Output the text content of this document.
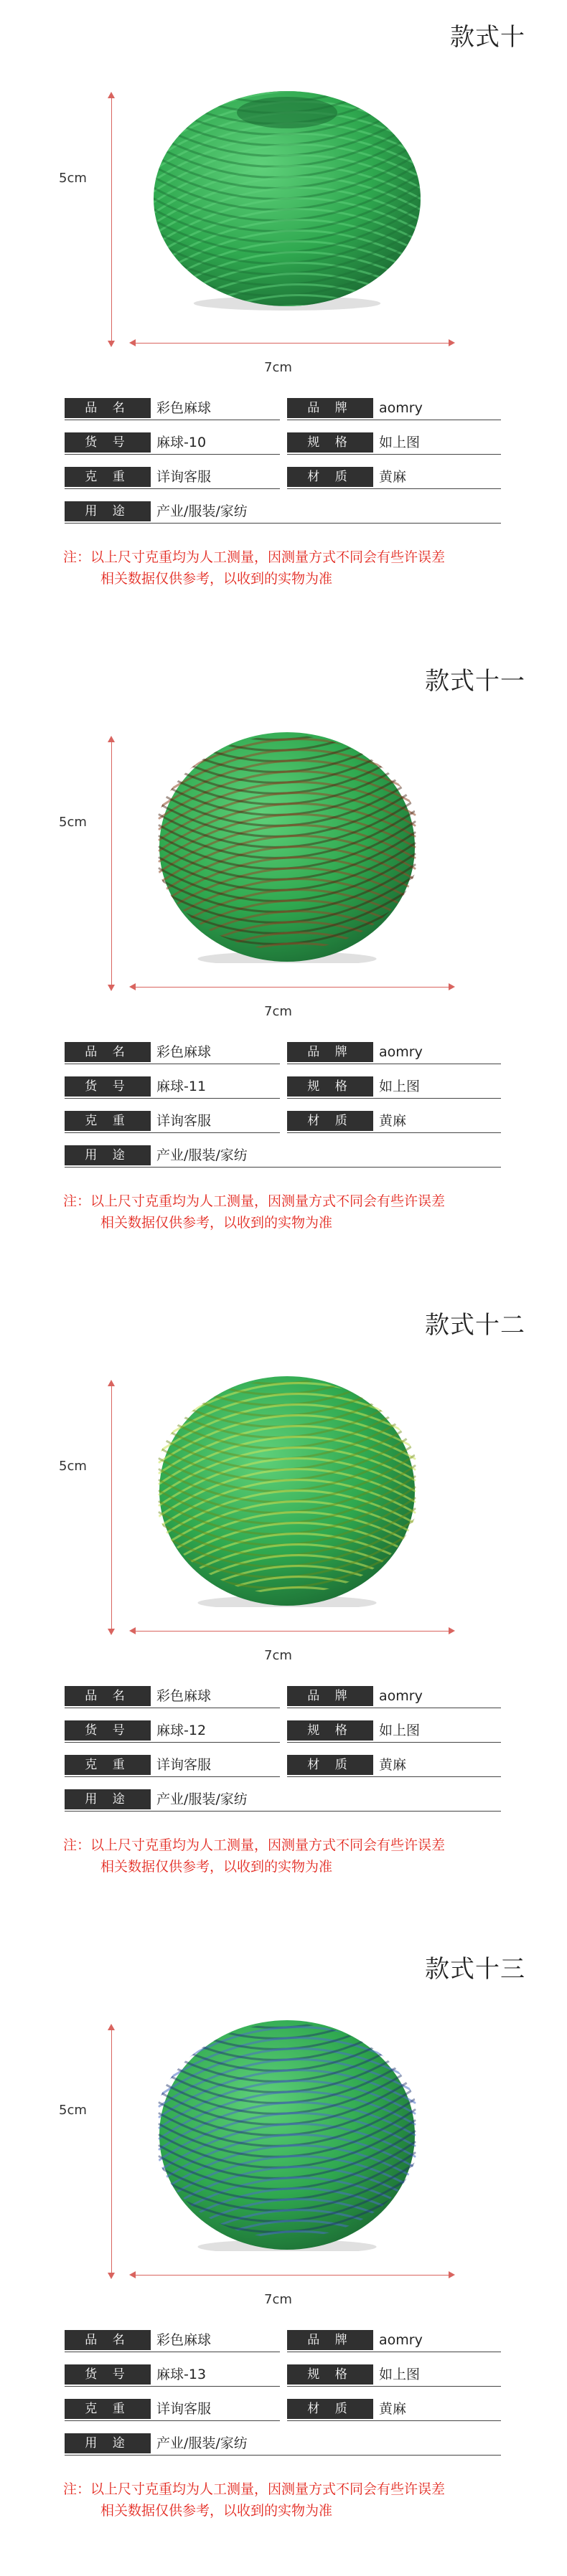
款式十
5cm
7cm
品 名	彩色麻球	品 牌	aomry
货 号	麻球-10	规 格	如上图
克 重	详询客服	材 质	黄麻
用 途	产业/服装/家纺
注：以上尺寸克重均为人工测量，因测量方式不同会有些许误差
相关数据仅供参考，以收到的实物为准
款式十一
5cm
7cm
品 名	彩色麻球	品 牌	aomry
货 号	麻球-11	规 格	如上图
克 重	详询客服	材 质	黄麻
用 途	产业/服装/家纺
注：以上尺寸克重均为人工测量，因测量方式不同会有些许误差
相关数据仅供参考，以收到的实物为准
款式十二
5cm
7cm
品 名	彩色麻球	品 牌	aomry
货 号	麻球-12	规 格	如上图
克 重	详询客服	材 质	黄麻
用 途	产业/服装/家纺
注：以上尺寸克重均为人工测量，因测量方式不同会有些许误差
相关数据仅供参考，以收到的实物为准
款式十三
5cm
7cm
品 名	彩色麻球	品 牌	aomry
货 号	麻球-13	规 格	如上图
克 重	详询客服	材 质	黄麻
用 途	产业/服装/家纺
注：以上尺寸克重均为人工测量，因测量方式不同会有些许误差
相关数据仅供参考，以收到的实物为准
